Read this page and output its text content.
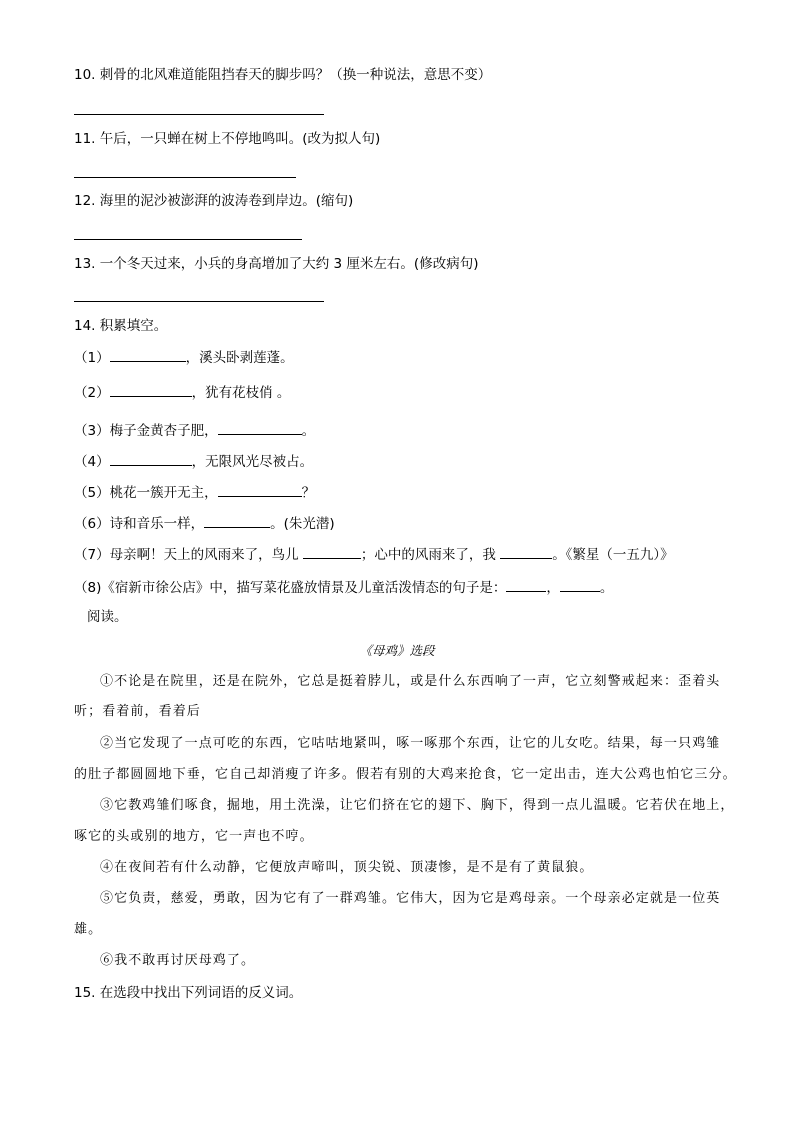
10. 刺骨的北风难道能阻挡春天的脚步吗？（换一种说法，意思不变）
11. 午后，一只蝉在树上不停地鸣叫。(改为拟人句)
12. 海里的泥沙被澎湃的波涛卷到岸边。(缩句)
13. 一个冬天过来，小兵的身高增加了大约 3 厘米左右。(修改病句)
14. 积累填空。
（1）	，溪头卧剥莲蓬。
（2）	，犹有花枝俏 。
（3）梅子金黄杏子肥，	。
（4）	，无限风光尽被占。
（5）桃花一簇开无主，	？
（6）诗和音乐一样，	。(朱光潜)
（7）母亲啊！天上的风雨来了，鸟儿	；心中的风雨来了，我	。《繁星（一五九）》
（8)《宿新市徐公店》中，描写菜花盛放情景及儿童活泼情态的句子是：	，	。
阅读。
《母鸡》选段
①不论是在院里，还是在院外，它总是挺着脖儿，或是什么东西响了一声，它立刻警戒起来：歪着头
听；看着前，看着后
②当它发现了一点可吃的东西，它咕咕地紧叫，啄一啄那个东西，让它的儿女吃。结果，每一只鸡雏
的肚子都圆圆地下垂，它自己却消瘦了许多。假若有别的大鸡来抢食，它一定出击，连大公鸡也怕它三分。
③它教鸡雏们啄食，掘地，用土洗澡，让它们挤在它的翅下、胸下，得到一点儿温暖。它若伏在地上，
啄它的头或别的地方，它一声也不哼。
④在夜间若有什么动静，它便放声啼叫，顶尖锐、顶凄惨，是不是有了黄鼠狼。
⑤它负责，慈爱，勇敢，因为它有了一群鸡雏。它伟大，因为它是鸡母亲。一个母亲必定就是一位英
雄。
⑥我不敢再讨厌母鸡了。
15. 在选段中找出下列词语的反义词。
